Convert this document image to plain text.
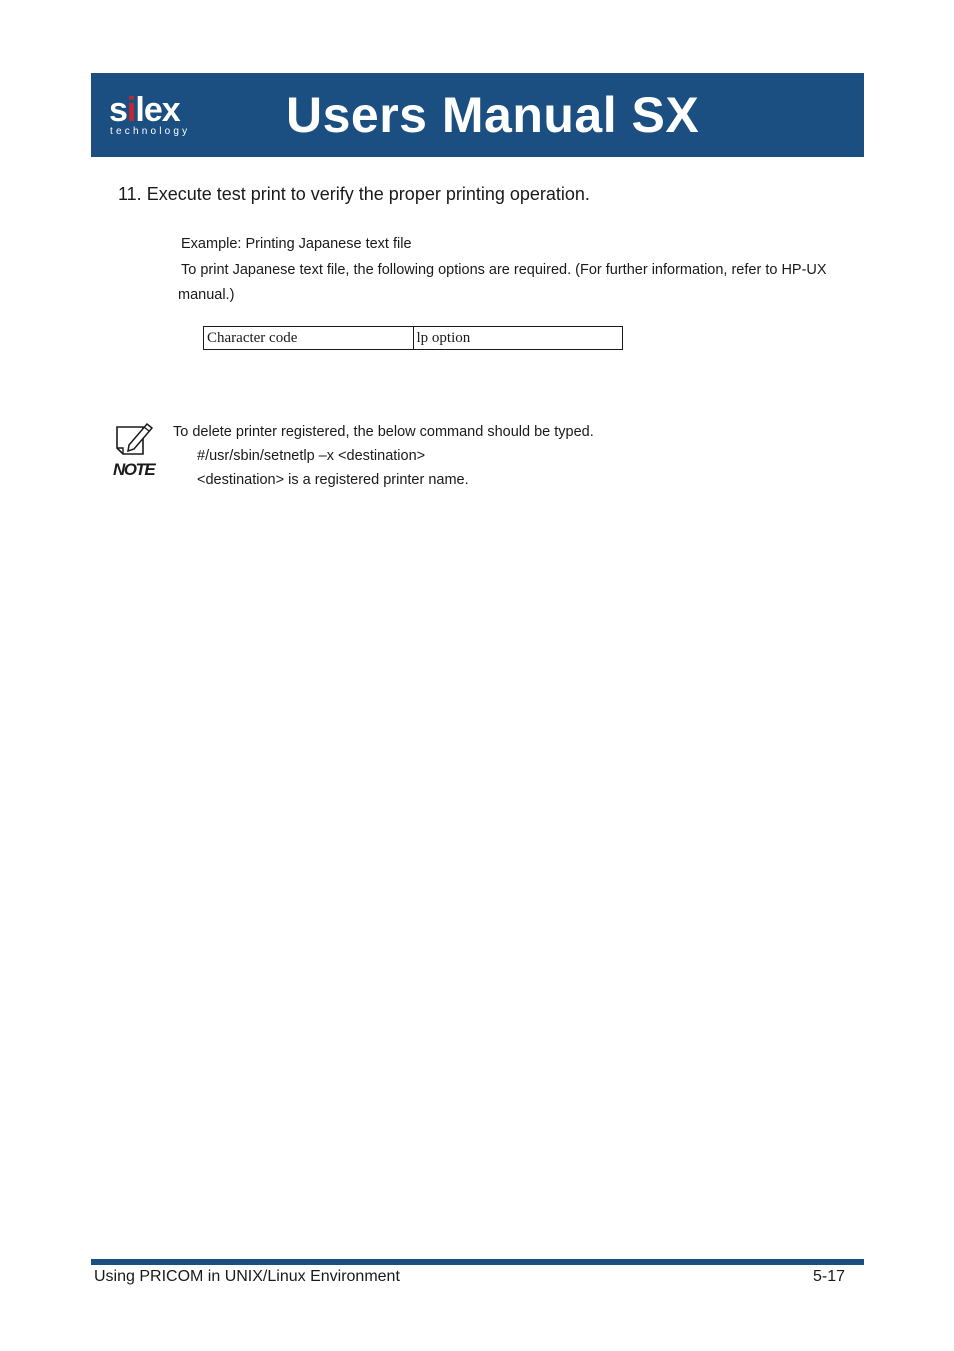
silex
technology Users Manual SX
11. Execute test print to verify the proper printing operation.
Example: Printing Japanese text file
To print Japanese text file, the following options are required. (For further information, refer to HP-UX manual.)
Character code	lp option
NOTE
To delete printer registered, the below command should be typed.
#/usr/sbin/setnetlp –x <destination>
<destination> is a registered printer name.
Using PRICOM in UNIX/Linux Environment	5-17
